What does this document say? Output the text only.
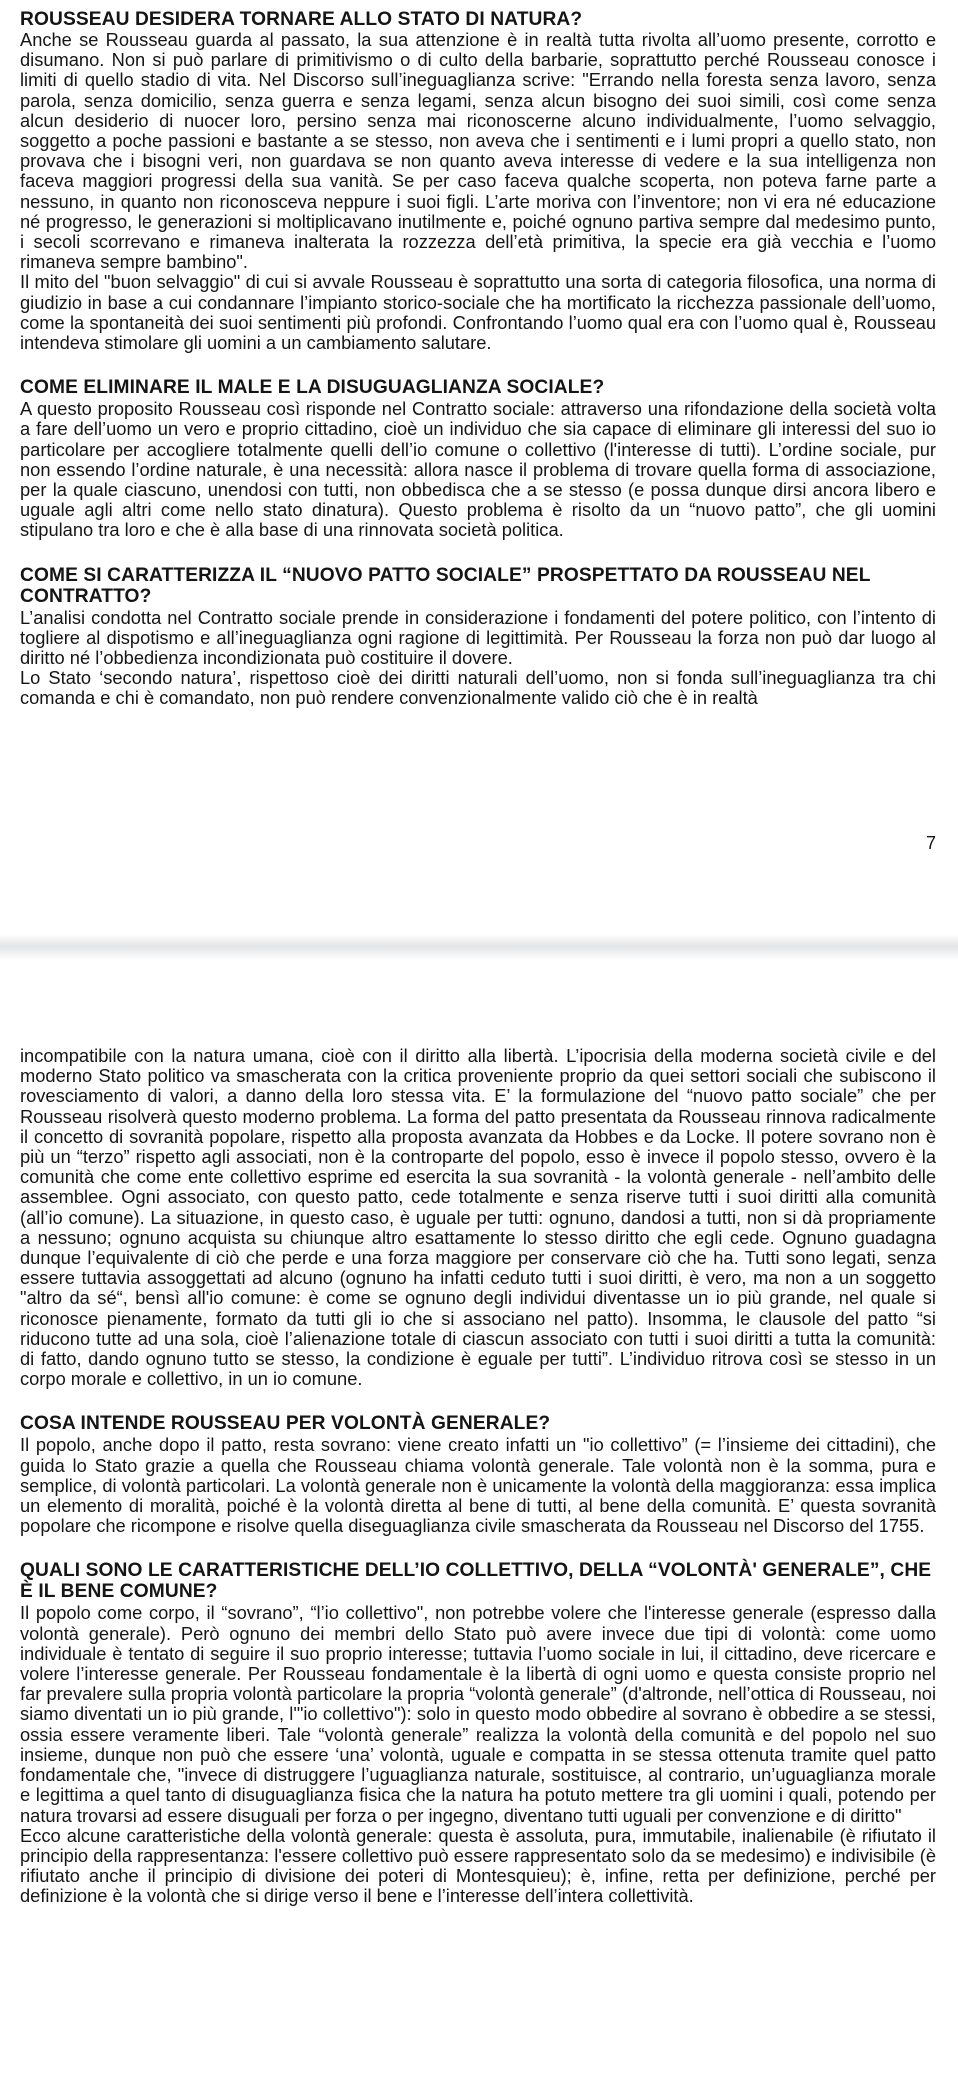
ROUSSEAU DESIDERA TORNARE ALLO STATO DI NATURA?

Anche se Rousseau guarda al passato, la sua attenzione è in realtà tutta rivolta all’uomo presente, corrotto e disumano. Non si può parlare di primitivismo o di culto della barbarie, soprattutto perché Rousseau conosce i limiti di quello stadio di vita. Nel Discorso sull’ineguaglianza scrive: "Errando nella foresta senza lavoro, senza parola, senza domicilio, senza guerra e senza legami, senza alcun bisogno dei suoi simili, così come senza alcun desiderio di nuocer loro, persino senza mai riconoscerne alcuno individualmente, l’uomo selvaggio, soggetto a poche passioni e bastante a se stesso, non aveva che i sentimenti e i lumi propri a quello stato, non provava che i bisogni veri, non guardava se non quanto aveva interesse di vedere e la sua intelligenza non faceva maggiori progressi della sua vanità. Se per caso faceva qualche scoperta, non poteva farne parte a nessuno, in quanto non riconosceva neppure i suoi figli. L’arte moriva con l’inventore; non vi era né educazione né progresso, le generazioni si moltiplicavano inutilmente e, poiché ognuno partiva sempre dal medesimo punto, i secoli scorrevano e rimaneva inalterata la rozzezza dell’età primitiva, la specie era già vecchia e l’uomo rimaneva sempre bambino".

Il mito del "buon selvaggio" di cui si avvale Rousseau è soprattutto una sorta di categoria filosofica, una norma di giudizio in base a cui condannare l’impianto storico-sociale che ha mortificato la ricchezza passionale dell’uomo, come la spontaneità dei suoi sentimenti più profondi. Confrontando l’uomo qual era con l’uomo qual è, Rousseau intendeva stimolare gli uomini a un cambiamento salutare.

COME ELIMINARE IL MALE E LA DISUGUAGLIANZA SOCIALE?

A questo proposito Rousseau così risponde nel Contratto sociale: attraverso una rifondazione della società volta a fare dell’uomo un vero e proprio cittadino, cioè un individuo che sia capace di eliminare gli interessi del suo io particolare per accogliere totalmente quelli dell’io comune o collettivo (l'interesse di tutti). L’ordine sociale, pur non essendo l’ordine naturale, è una necessità: allora nasce il problema di trovare quella forma di associazione, per la quale ciascuno, unendosi con tutti, non obbedisca che a se stesso (e possa dunque dirsi ancora libero e uguale agli altri come nello stato dinatura). Questo problema è risolto da un “nuovo patto”, che gli uomini stipulano tra loro e che è alla base di una rinnovata società politica.

COME SI CARATTERIZZA IL “NUOVO PATTO SOCIALE” PROSPETTATO DA ROUSSEAU NEL CONTRATTO?

L’analisi condotta nel Contratto sociale prende in considerazione i fondamenti del potere politico, con l’intento di togliere al dispotismo e all’ineguaglianza ogni ragione di legittimità. Per Rousseau la forza non può dar luogo al diritto né l’obbedienza incondizionata può costituire il dovere.

Lo Stato ‘secondo natura’, rispettoso cioè dei diritti naturali dell’uomo, non si fonda sull’ineguaglianza tra chi comanda e chi è comandato, non può rendere convenzionalmente valido ciò che è in realtà

7

incompatibile con la natura umana, cioè con il diritto alla libertà. L’ipocrisia della moderna società civile e del moderno Stato politico va smascherata con la critica proveniente proprio da quei settori sociali che subiscono il rovesciamento di valori, a danno della loro stessa vita. E’ la formulazione del “nuovo patto sociale” che per Rousseau risolverà questo moderno problema. La forma del patto presentata da Rousseau rinnova radicalmente il concetto di sovranità popolare, rispetto alla proposta avanzata da Hobbes e da Locke. Il potere sovrano non è più un “terzo” rispetto agli associati, non è la controparte del popolo, esso è invece il popolo stesso, ovvero è la comunità che come ente collettivo esprime ed esercita la sua sovranità - la volontà generale - nell’ambito delle assemblee. Ogni associato, con questo patto, cede totalmente e senza riserve tutti i suoi diritti alla comunità (all’io comune). La situazione, in questo caso, è uguale per tutti: ognuno, dandosi a tutti, non si dà propriamente a nessuno; ognuno acquista su chiunque altro esattamente lo stesso diritto che egli cede. Ognuno guadagna dunque l’equivalente di ciò che perde e una forza maggiore per conservare ciò che ha. Tutti sono legati, senza essere tuttavia assoggettati ad alcuno (ognuno ha infatti ceduto tutti i suoi diritti, è vero, ma non a un soggetto "altro da sé“, bensì all'io comune: è come se ognuno degli individui diventasse un io più grande, nel quale si riconosce pienamente, formato da tutti gli io che si associano nel patto). Insomma, le clausole del patto “si riducono tutte ad una sola, cioè l’alienazione totale di ciascun associato con tutti i suoi diritti a tutta la comunità: di fatto, dando ognuno tutto se stesso, la condizione è eguale per tutti”. L’individuo ritrova così se stesso in un corpo morale e collettivo, in un io comune.

COSA INTENDE ROUSSEAU PER VOLONTÀ GENERALE?

Il popolo, anche dopo il patto, resta sovrano: viene creato infatti un "io collettivo” (= l’insieme dei cittadini), che guida lo Stato grazie a quella che Rousseau chiama volontà generale. Tale volontà non è la somma, pura e semplice, di volontà particolari. La volontà generale non è unicamente la volontà della maggioranza: essa implica un elemento di moralità, poiché è la volontà diretta al bene di tutti, al bene della comunità. E’ questa sovranità popolare che ricompone e risolve quella diseguaglianza civile smascherata da Rousseau nel Discorso del 1755.

QUALI SONO LE CARATTERISTICHE DELL’IO COLLETTIVO, DELLA “VOLONTÀ' GENERALE”, CHE È IL BENE COMUNE?

Il popolo come corpo, il “sovrano”, “l’io collettivo", non potrebbe volere che l'interesse generale (espresso dalla volontà generale). Però ognuno dei membri dello Stato può avere invece due tipi di volontà: come uomo individuale è tentato di seguire il suo proprio interesse; tuttavia l’uomo sociale in lui, il cittadino, deve ricercare e volere l’interesse generale. Per Rousseau fondamentale è la libertà di ogni uomo e questa consiste proprio nel far prevalere sulla propria volontà particolare la propria “volontà generale” (d'altronde, nell’ottica di Rousseau, noi siamo diventati un io più grande, l'"io collettivo"): solo in questo modo obbedire al sovrano è obbedire a se stessi, ossia essere veramente liberi. Tale “volontà generale” realizza la volontà della comunità e del popolo nel suo insieme, dunque non può che essere ‘una’ volontà, uguale e compatta in se stessa ottenuta tramite quel patto fondamentale che, "invece di distruggere l’uguaglianza naturale, sostituisce, al contrario, un’uguaglianza morale e legittima a quel tanto di disuguaglianza fisica che la natura ha potuto mettere tra gli uomini i quali, potendo per natura trovarsi ad essere disuguali per forza o per ingegno, diventano tutti uguali per convenzione e di diritto"

Ecco alcune caratteristiche della volontà generale: questa è assoluta, pura, immutabile, inalienabile (è rifiutato il principio della rappresentanza: l'essere collettivo può essere rappresentato solo da se medesimo) e indivisibile (è rifiutato anche il principio di divisione dei poteri di Montesquieu); è, infine, retta per definizione, perché per definizione è la volontà che si dirige verso il bene e l’interesse dell’intera collettività.
